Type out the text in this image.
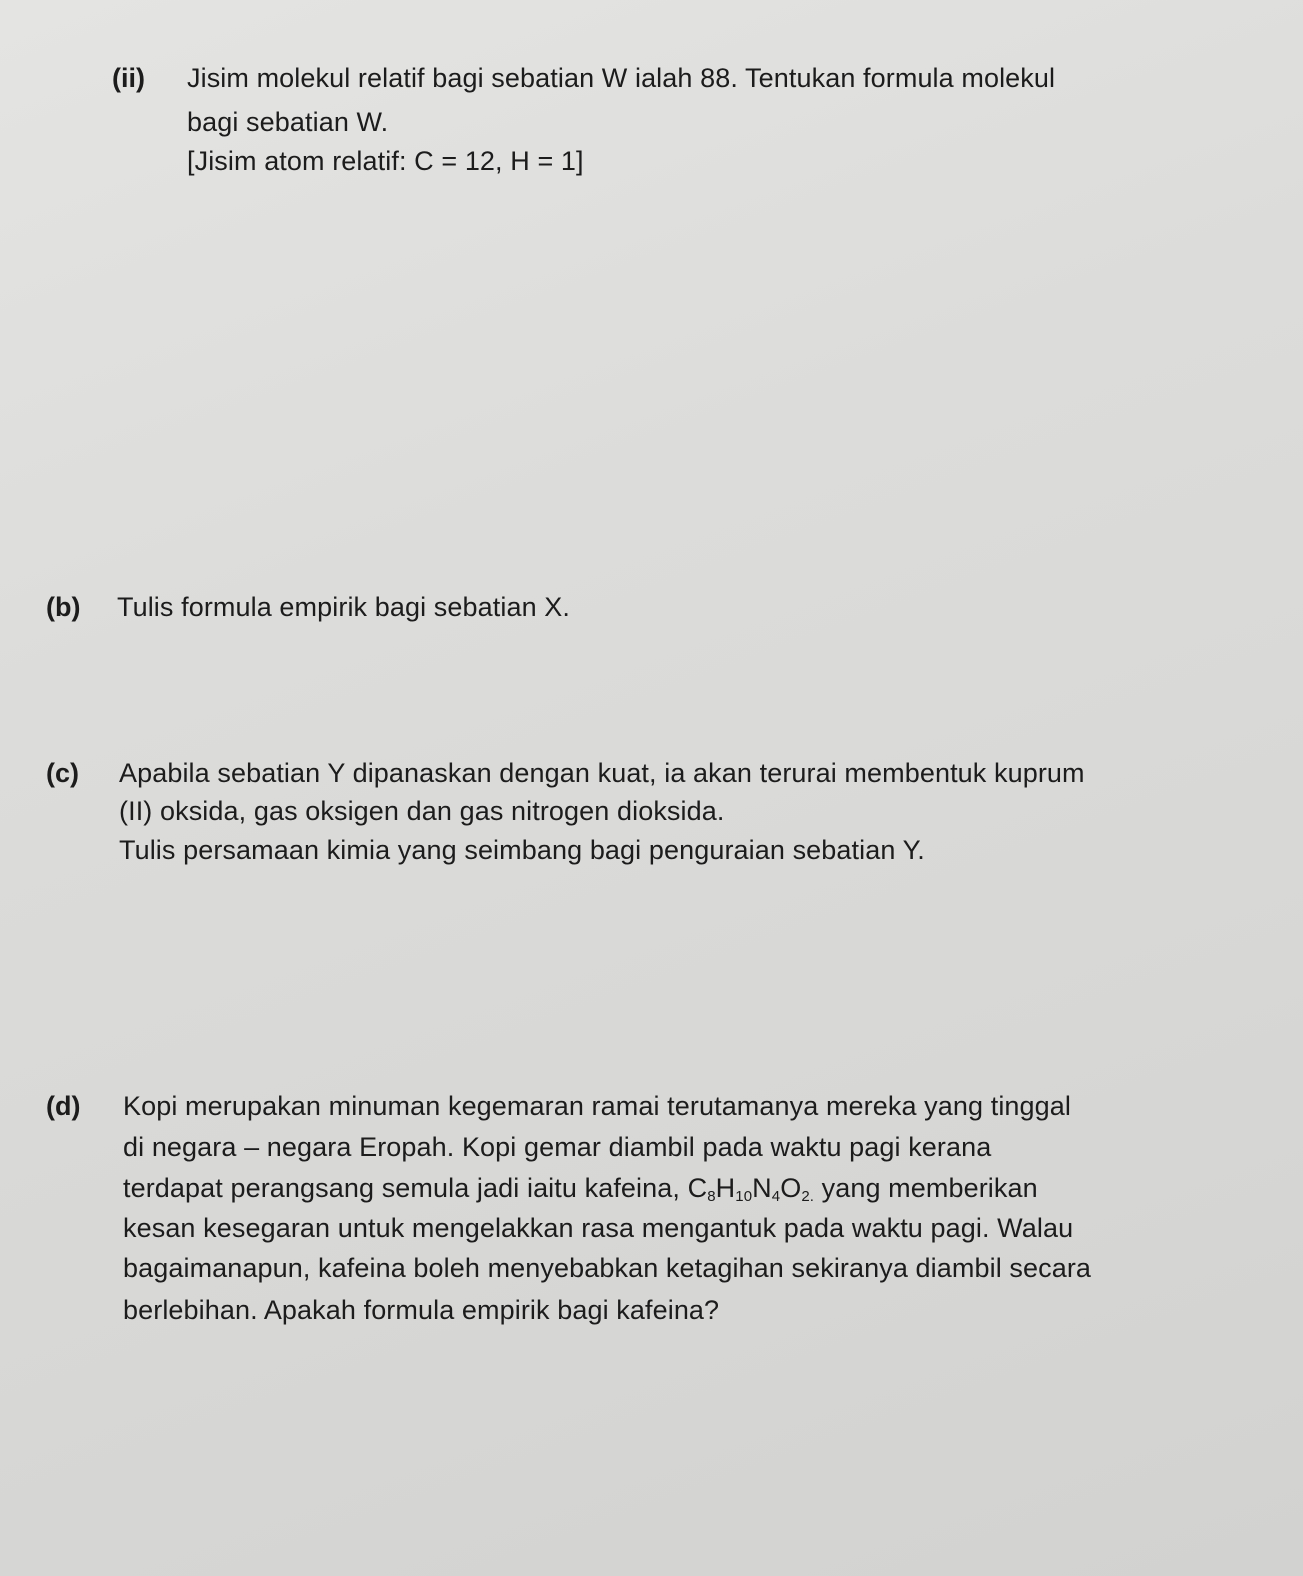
(ii) Jisim molekul relatif bagi sebatian W ialah 88. Tentukan formula molekul
bagi sebatian W.
[Jisim atom relatif: C = 12, H = 1]
(b) Tulis formula empirik bagi sebatian X.
(c) Apabila sebatian Y dipanaskan dengan kuat, ia akan terurai membentuk kuprum
(II) oksida, gas oksigen dan gas nitrogen dioksida.
Tulis persamaan kimia yang seimbang bagi penguraian sebatian Y.
(d) Kopi merupakan minuman kegemaran ramai terutamanya mereka yang tinggal
di negara – negara Eropah. Kopi gemar diambil pada waktu pagi kerana
terdapat perangsang semula jadi iaitu kafeina, $C_8H_{10}N_4O_{2.}$ yang memberikan
kesan kesegaran untuk mengelakkan rasa mengantuk pada waktu pagi. Walau
bagaimanapun, kafeina boleh menyebabkan ketagihan sekiranya diambil secara
berlebihan. Apakah formula empirik bagi kafeina?
